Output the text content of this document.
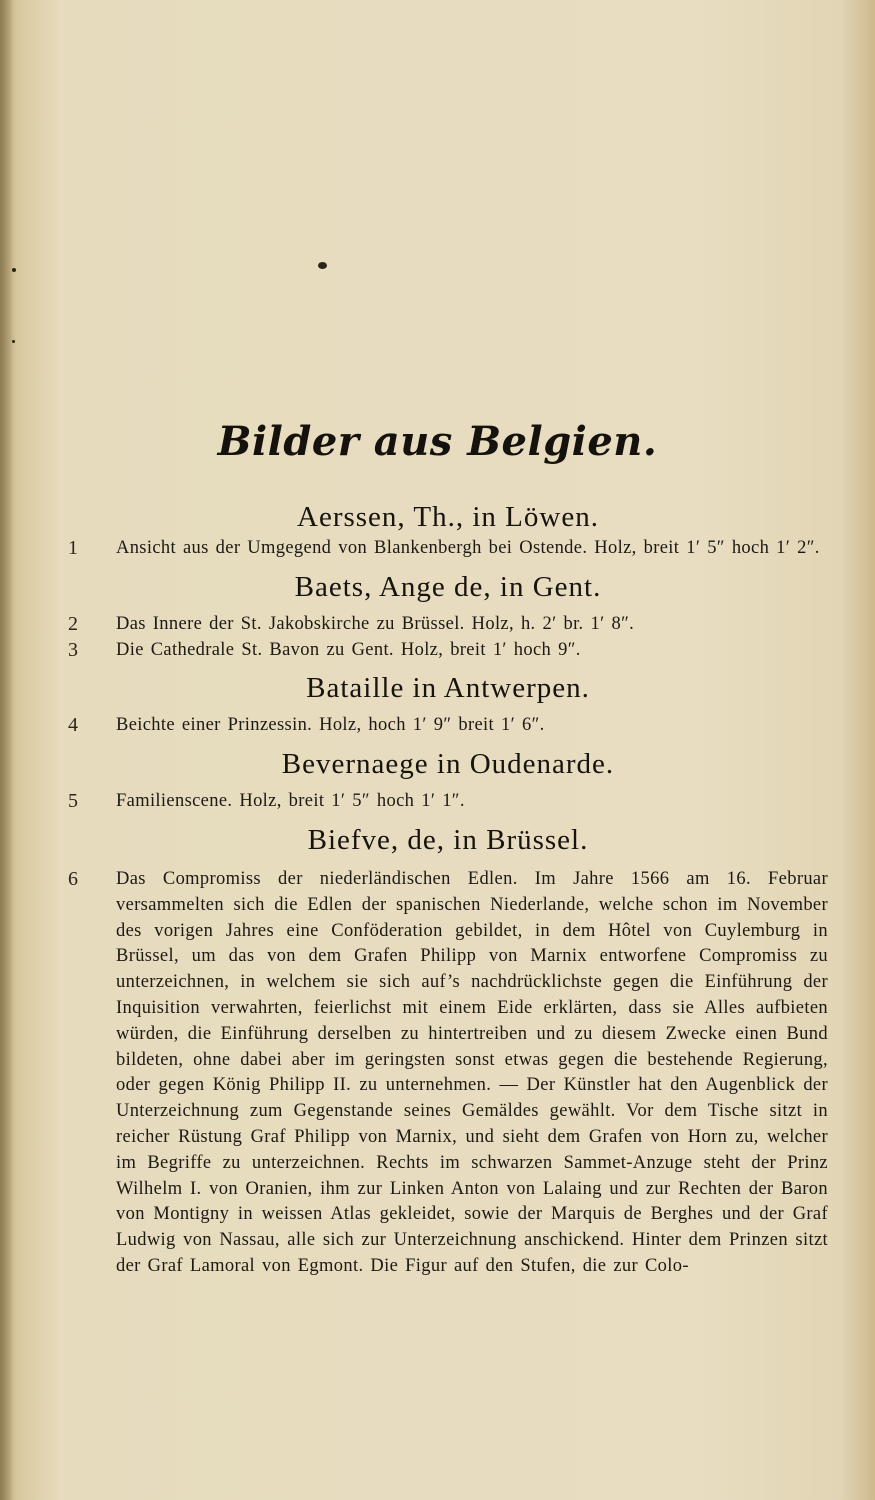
Bilder aus Belgien.

Aerssen, Th., in Löwen.

1	Ansicht aus der Umgegend von Blankenbergh bei Ostende. Holz, breit 1′ 5″ hoch 1′ 2″.

Baets, Ange de, in Gent.

2	Das Innere der St. Jakobskirche zu Brüssel. Holz, h. 2′ br. 1′ 8″.
3	Die Cathedrale St. Bavon zu Gent. Holz, breit 1′ hoch 9″.

Bataille in Antwerpen.

4	Beichte einer Prinzessin. Holz, hoch 1′ 9″ breit 1′ 6″.

Bevernaege in Oudenarde.

5	Familienscene. Holz, breit 1′ 5″ hoch 1′ 1″.

Biefve, de, in Brüssel.

6	Das Compromiss der niederländischen Edlen. Im Jahre 1566 am 16. Februar versammelten sich die Edlen der spanischen Niederlande, welche schon im November des vorigen Jahres eine Conföderation gebildet, in dem Hôtel von Cuylemburg in Brüssel, um das von dem Grafen Philipp von Marnix entworfene Compromiss zu unterzeichnen, in welchem sie sich auf’s nachdrücklichste gegen die Einführung der Inquisition verwahrten, feierlichst mit einem Eide erklärten, dass sie Alles aufbieten würden, die Einführung derselben zu hintertreiben und zu diesem Zwecke einen Bund bildeten, ohne dabei aber im geringsten sonst etwas gegen die bestehende Regierung, oder gegen König Philipp II. zu unternehmen. — Der Künstler hat den Augenblick der Unterzeichnung zum Gegenstande seines Gemäldes gewählt. Vor dem Tische sitzt in reicher Rüstung Graf Philipp von Marnix, und sieht dem Grafen von Horn zu, welcher im Begriffe zu unterzeichnen. Rechts im schwarzen Sammet-Anzuge steht der Prinz Wilhelm I. von Oranien, ihm zur Linken Anton von Lalaing und zur Rechten der Baron von Montigny in weissen Atlas gekleidet, sowie der Marquis de Berghes und der Graf Ludwig von Nassau, alle sich zur Unterzeichnung anschickend. Hinter dem Prinzen sitzt der Graf Lamoral von Egmont. Die Figur auf den Stufen, die zur Colo-
